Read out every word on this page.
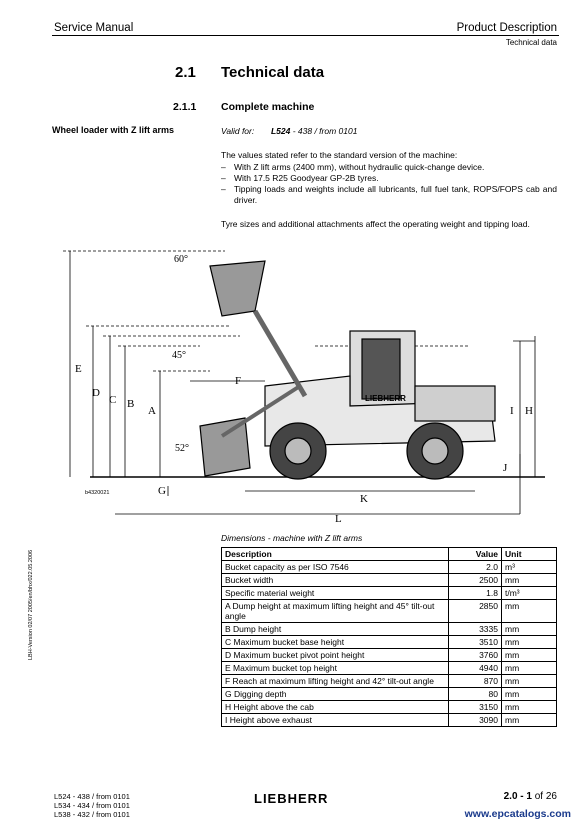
Service Manual	Product Description
Technical data
2.1 Technical data
2.1.1 Complete machine
Wheel loader with Z lift arms	Valid for: L524 - 438 / from 0101
The values stated refer to the standard version of the machine:
– With Z lift arms (2400 mm), without hydraulic quick-change device.
– With 17.5 R25 Goodyear GP-2B tyres.
– Tipping loads and weights include all lubricants, full fuel tank, ROPS/FOPS cab and driver.
Tyre sizes and additional attachments affect the operating weight and tipping load.
LIEBHERR
60°
45°
52°
E
D
C B
A
F
G
K
L
I H
J
b4320021
Dimensions - machine with Z lift arms
Description	Value	Unit
Bucket capacity as per ISO 7546	2.0	m³
Bucket width	2500	mm
Specific material weight	1.8	t/m³
A Dump height at maximum lifting height and 45° tilt-out angle	2850	mm
B Dump height	3335	mm
C Maximum bucket base height	3510	mm
D Maximum bucket pivot point height	3760	mm
E Maximum bucket top height	4940	mm
F Reach at maximum lifting height and 42° tilt-out angle	870	mm
G Digging depth	80	mm
H Height above the cab	3150	mm
I Height above exhaust	3090	mm
LBH-Version 02/07 2005/en/bhx/022.05.2006
L524 - 438 / from 0101
L534 - 434 / from 0101
L538 - 432 / from 0101
LIEBHERR	2.0 - 1 of 26
www.epcatalogs.com
